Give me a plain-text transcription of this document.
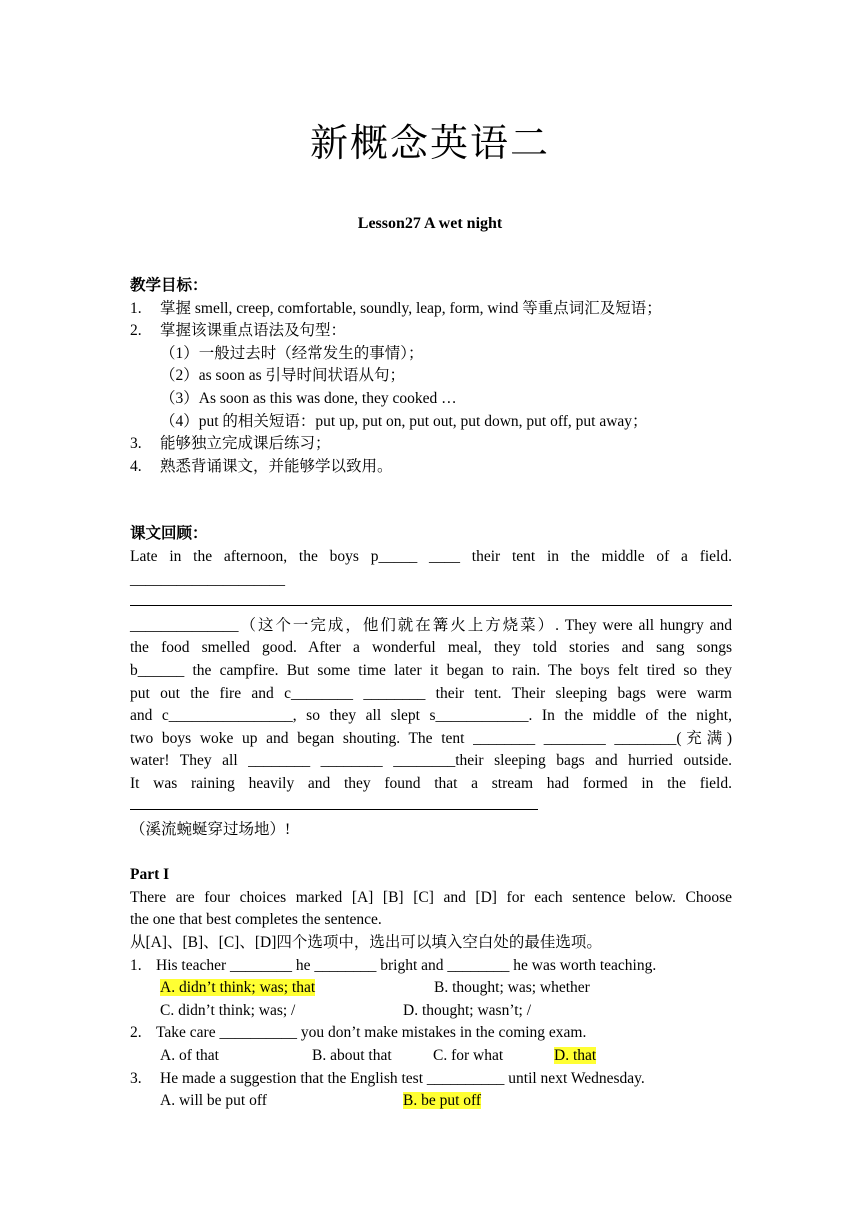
新概念英语二
Lesson27 A wet night
教学目标：
1. 掌握 smell, creep, comfortable, soundly, leap, form, wind 等重点词汇及短语；
2. 掌握该课重点语法及句型：
（1）一般过去时（经常发生的事情）；
（2）as soon as 引导时间状语从句；
（3）As soon as this was done, they cooked …
（4）put 的相关短语：put up, put on, put out, put down, put off, put away；
3. 能够独立完成课后练习；
4. 熟悉背诵课文，并能够学以致用。
课文回顾：
Late in the afternoon, the boys p_____ ____ their tent in the middle of a field.
____________________
______________（这个一完成，他们就在篝火上方烧菜）. They were all hungry and
the food smelled good. After a wonderful meal, they told stories and sang songs
b______ the campfire. But some time later it began to rain. The boys felt tired so they
put out the fire and c________ ________ their tent. Their sleeping bags were warm
and c________________, so they all slept s____________. In the middle of the night,
two boys woke up and began shouting. The tent ________ ________ ________(充满)
water! They all ________ ________ ________their sleeping bags and hurried outside.
It was raining heavily and they found that a stream had formed in the field.
（溪流蜿蜒穿过场地）!
Part I
There are four choices marked [A] [B] [C] and [D] for each sentence below. Choose
the one that best completes the sentence.
从[A]、[B]、[C]、[D]四个选项中，选出可以填入空白处的最佳选项。
1. His teacher ________ he ________ bright and ________ he was worth teaching.
A. didn’t think; was; that	B. thought; was; whether
C. didn’t think; was; /	D. thought; wasn’t; /
2. Take care __________ you don’t make mistakes in the coming exam.
A. of that	B. about that	C. for what	D. that
3. He made a suggestion that the English test __________ until next Wednesday.
A. will be put off	B. be put off
